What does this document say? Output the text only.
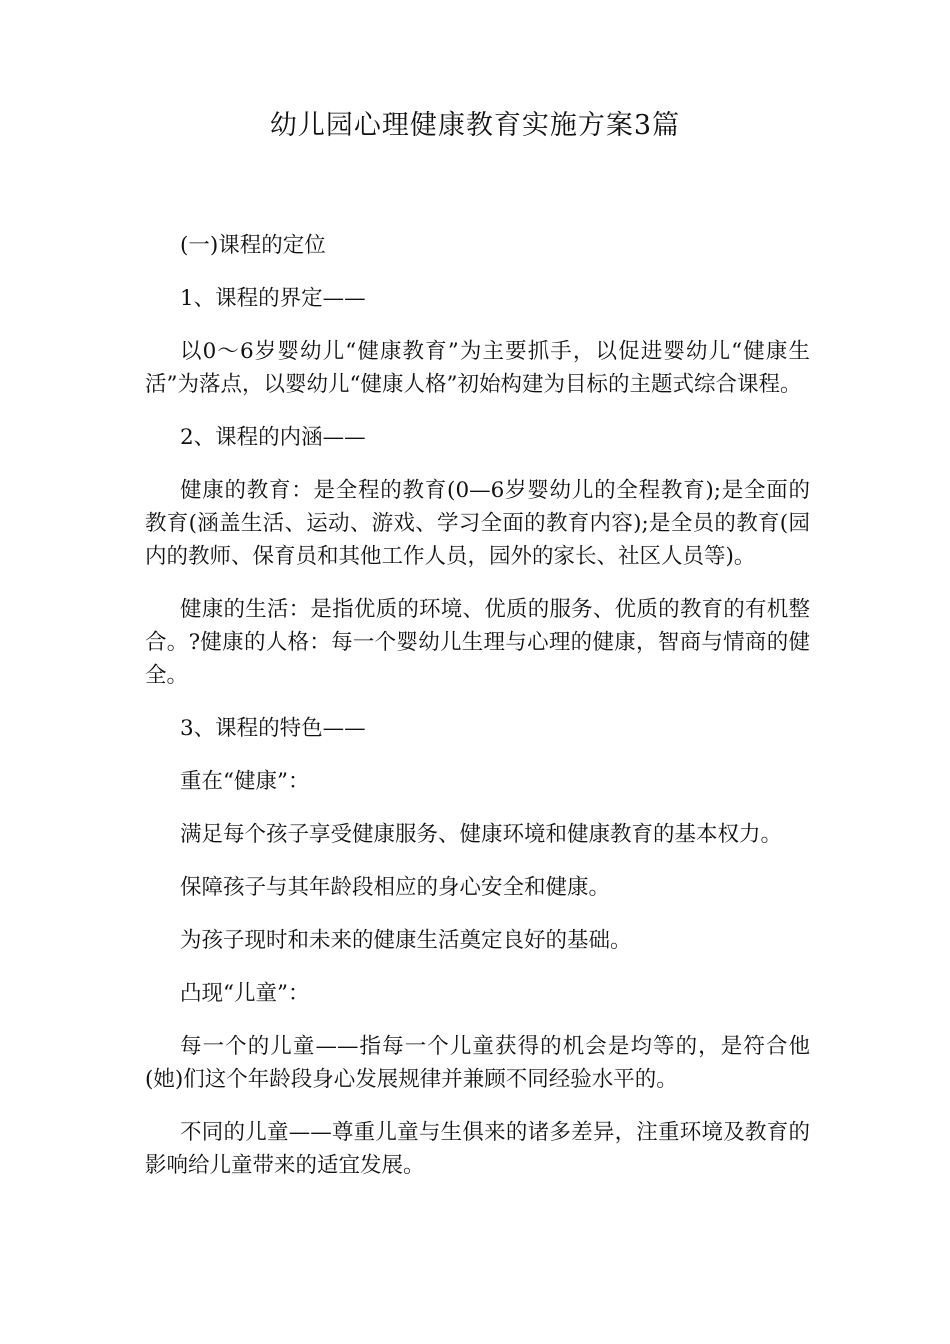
幼儿园心理健康教育实施方案3篇

(一)课程的定位

1、课程的界定——

以0～6岁婴幼儿“健康教育”为主要抓手，以促进婴幼儿“健康生活”为落点，以婴幼儿“健康人格”初始构建为目标的主题式综合课程。

2、课程的内涵——

健康的教育：是全程的教育(0—6岁婴幼儿的全程教育);是全面的教育(涵盖生活、运动、游戏、学习全面的教育内容);是全员的教育(园内的教师、保育员和其他工作人员，园外的家长、社区人员等)。

健康的生活：是指优质的环境、优质的服务、优质的教育的有机整合。?健康的人格：每一个婴幼儿生理与心理的健康，智商与情商的健全。

3、课程的特色——

重在“健康”：

满足每个孩子享受健康服务、健康环境和健康教育的基本权力。

保障孩子与其年龄段相应的身心安全和健康。

为孩子现时和未来的健康生活奠定良好的基础。

凸现“儿童”：

每一个的儿童——指每一个儿童获得的机会是均等的，是符合他(她)们这个年龄段身心发展规律并兼顾不同经验水平的。

不同的儿童——尊重儿童与生俱来的诸多差异，注重环境及教育的影响给儿童带来的适宜发展。
